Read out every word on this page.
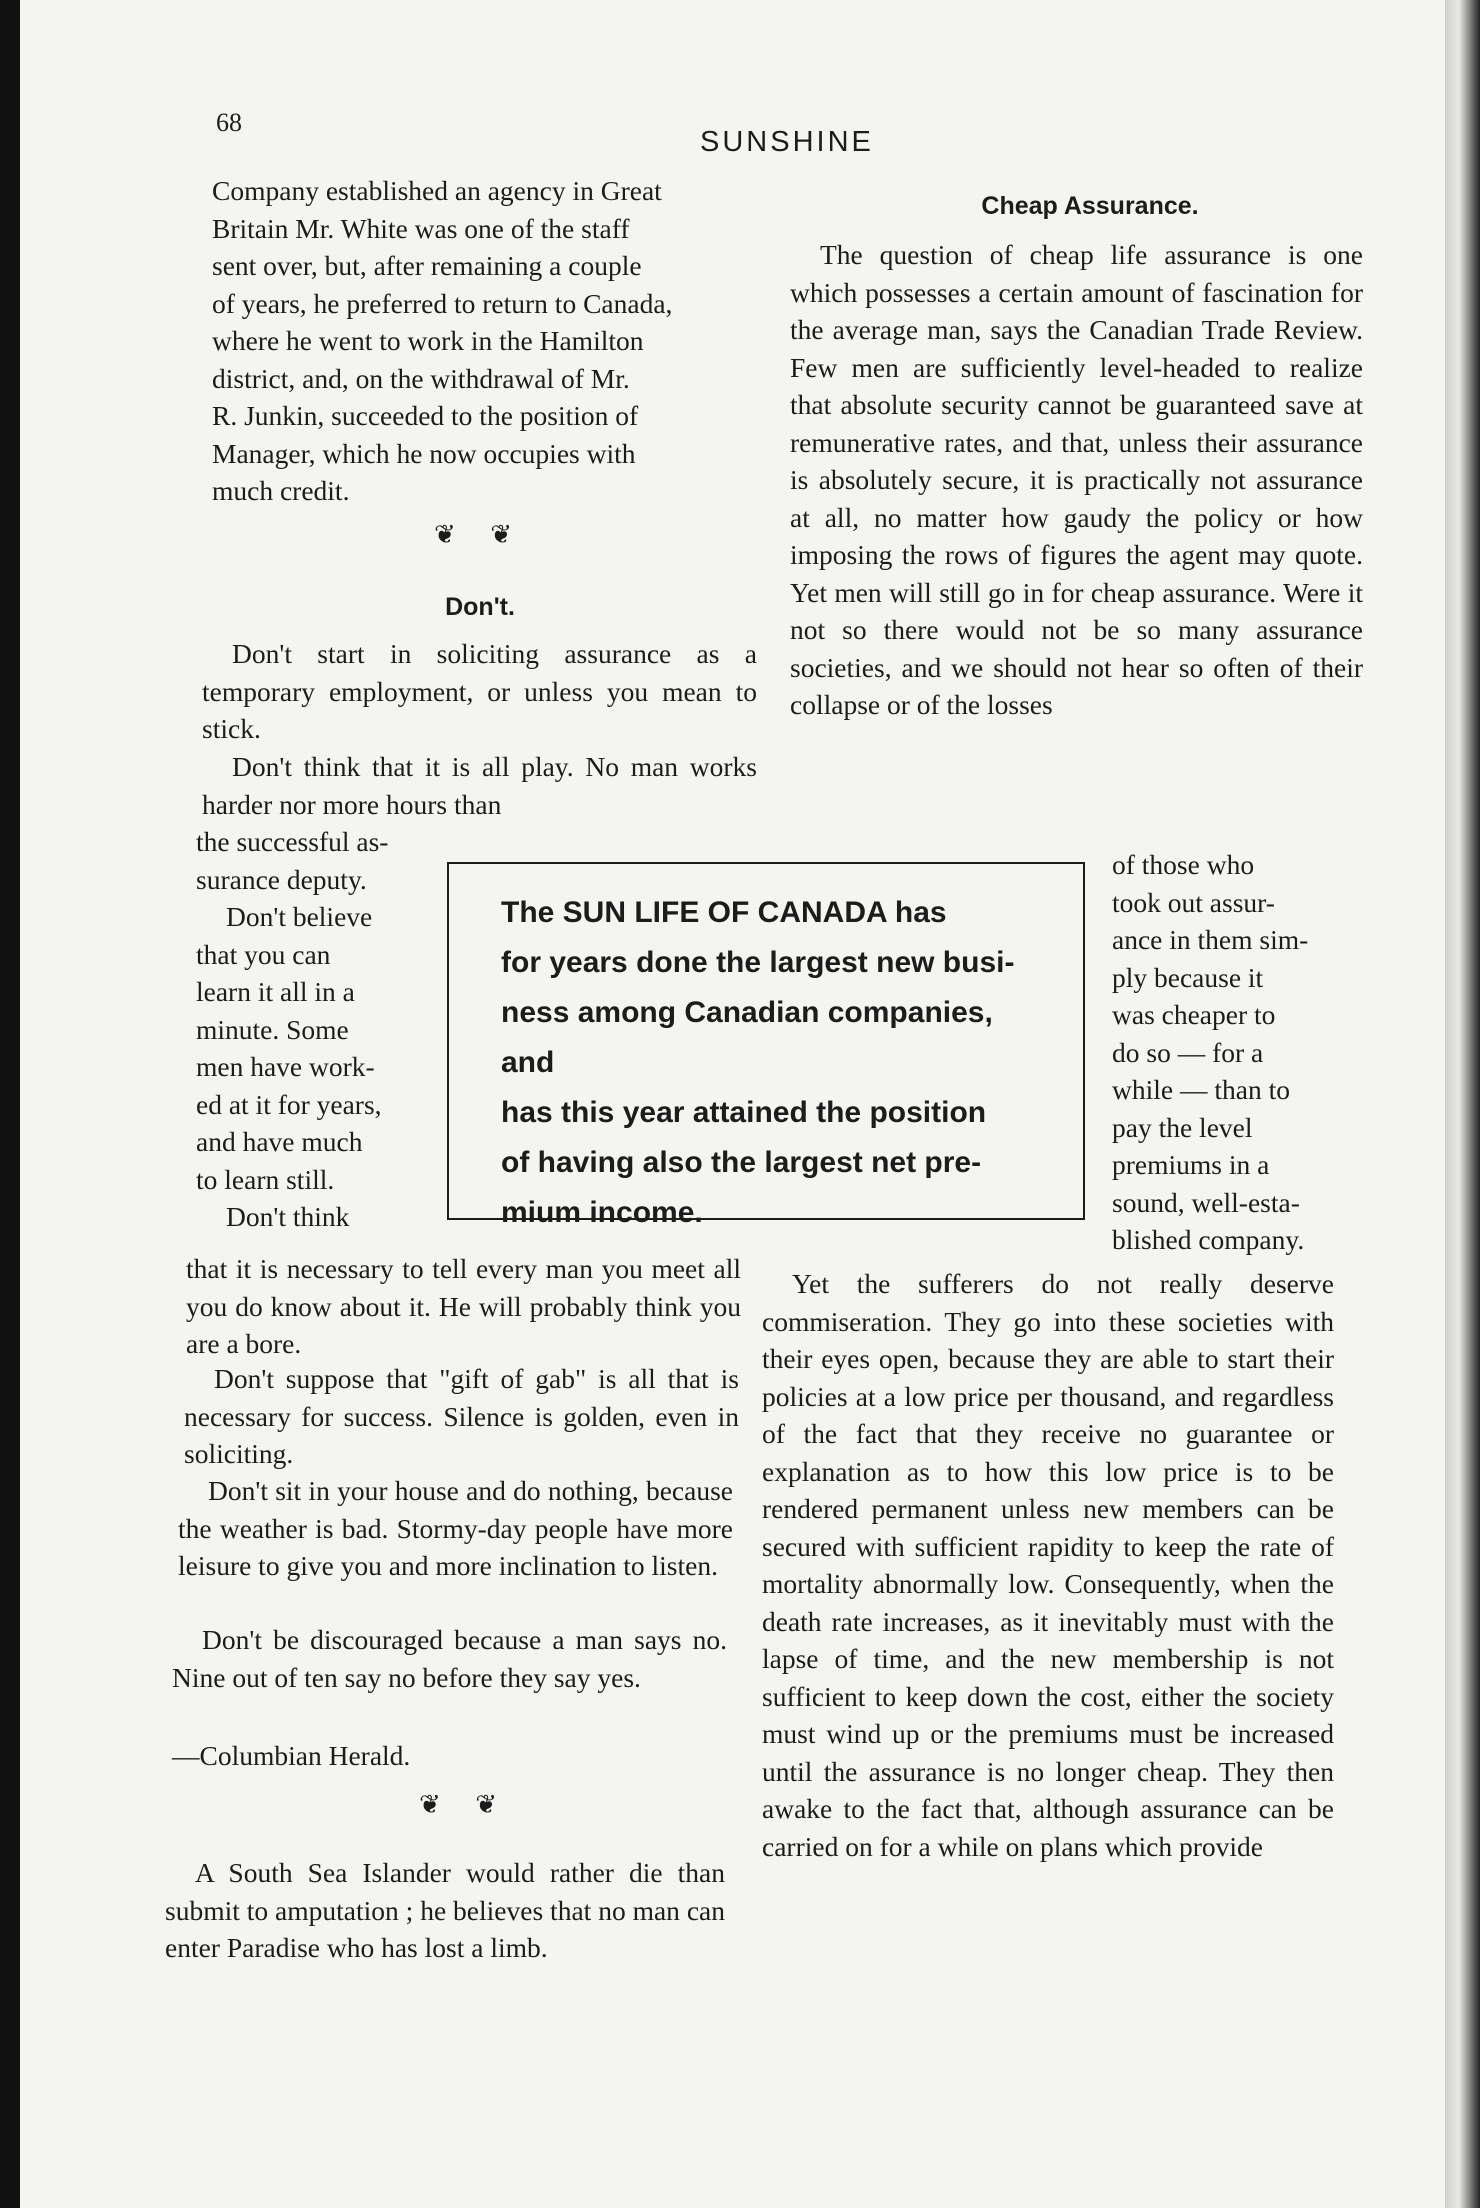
68
SUNSHINE
Company established an agency in Great
Britain Mr. White was one of the staff
sent over, but, after remaining a couple
of years, he preferred to return to Canada,
where he went to work in the Hamilton
district, and, on the withdrawal of Mr.
R. Junkin, succeeded to the position of
Manager, which he now occupies with
much credit.
❦ ❦
Don't.
Don't start in soliciting assurance as a temporary employment, or unless you mean to stick.
Don't think that it is all play. No man works harder nor more hours than
the successful as-
surance deputy.
Don't believe
that you can
learn it all in a
minute. Some
men have work-
ed at it for years,
and have much
to learn still.
Don't think
that it is necessary to tell every man you meet all you do know about it. He will probably think you are a bore.
Don't suppose that "gift of gab" is all that is necessary for success. Silence is golden, even in soliciting.
Don't sit in your house and do nothing, because the weather is bad. Stormy-day people have more leisure to give you and more inclination to listen.
Don't be discouraged because a man says no. Nine out of ten say no before they say yes.
—Columbian Herald.
❦ ❦
A South Sea Islander would rather die than submit to amputation ; he believes that no man can enter Paradise who has lost a limb.
Cheap Assurance.
The question of cheap life assurance is one which possesses a certain amount of fascination for the average man, says the Canadian Trade Review. Few men are sufficiently level-headed to realize that absolute security cannot be guaranteed save at remunerative rates, and that, unless their assurance is absolutely secure, it is practically not assurance at all, no matter how gaudy the policy or how imposing the rows of figures the agent may quote. Yet men will still go in for cheap assurance. Were it not so there would not be so many assurance societies, and we should not hear so often of their collapse or of the losses
of those who
took out assur-
ance in them sim-
ply because it
was cheaper to
do so — for a
while — than to
pay the level
premiums in a
sound, well-esta-
blished company.
Yet the sufferers do not really deserve commiseration. They go into these societies with their eyes open, because they are able to start their policies at a low price per thousand, and regardless of the fact that they receive no guarantee or explanation as to how this low price is to be rendered permanent unless new members can be secured with sufficient rapidity to keep the rate of mortality abnormally low. Consequently, when the death rate increases, as it inevitably must with the lapse of time, and the new membership is not sufficient to keep down the cost, either the society must wind up or the premiums must be increased until the assurance is no longer cheap. They then awake to the fact that, although assurance can be carried on for a while on plans which provide

The SUN LIFE OF CANADA has

for years done the largest new busi-

ness among Canadian companies, and

has this year attained the position

of having also the largest net pre-

mium income.
